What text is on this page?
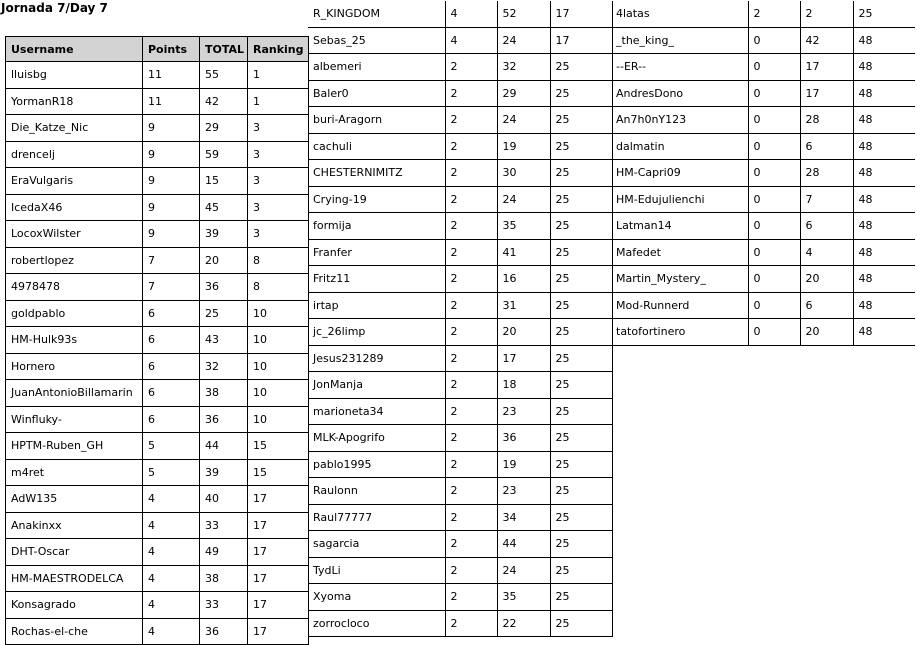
Jornada 7/Day 7
Username	Points	TOTAL	Ranking
lluisbg	11	55	1
YormanR18	11	42	1
Die_Katze_Nic	9	29	3
drencelj	9	59	3
EraVulgaris	9	15	3
IcedaX46	9	45	3
LocoxWilster	9	39	3
robertlopez	7	20	8
4978478	7	36	8
goldpablo	6	25	10
HM-Hulk93s	6	43	10
Hornero	6	32	10
JuanAntonioBillamarin	6	38	10
Winfluky-	6	36	10
HPTM-Ruben_GH	5	44	15
m4ret	5	39	15
AdW135	4	40	17
Anakinxx	4	33	17
DHT-Oscar	4	49	17
HM-MAESTRODELCA	4	38	17
Konsagrado	4	33	17
Rochas-el-che	4	36	17
R_KINGDOM	4	52	17
Sebas_25	4	24	17
albemeri	2	32	25
Baler0	2	29	25
buri-Aragorn	2	24	25
cachuli	2	19	25
CHESTERNIMITZ	2	30	25
Crying-19	2	24	25
formija	2	35	25
Franfer	2	41	25
Fritz11	2	16	25
irtap	2	31	25
jc_26limp	2	20	25
Jesus231289	2	17	25
JonManja	2	18	25
marioneta34	2	23	25
MLK-Apogrifo	2	36	25
pablo1995	2	19	25
Raulonn	2	23	25
Raul77777	2	34	25
sagarcia	2	44	25
TydLi	2	24	25
Xyoma	2	35	25
zorrocloco	2	22	25
4latas	2	2	25
_the_king_	0	42	48
--ER--	0	17	48
AndresDono	0	17	48
An7h0nY123	0	28	48
dalmatin	0	6	48
HM-Capri09	0	28	48
HM-Edujulienchi	0	7	48
Latman14	0	6	48
Mafedet	0	4	48
Martin_Mystery_	0	20	48
Mod-Runnerd	0	6	48
tatofortinero	0	20	48
